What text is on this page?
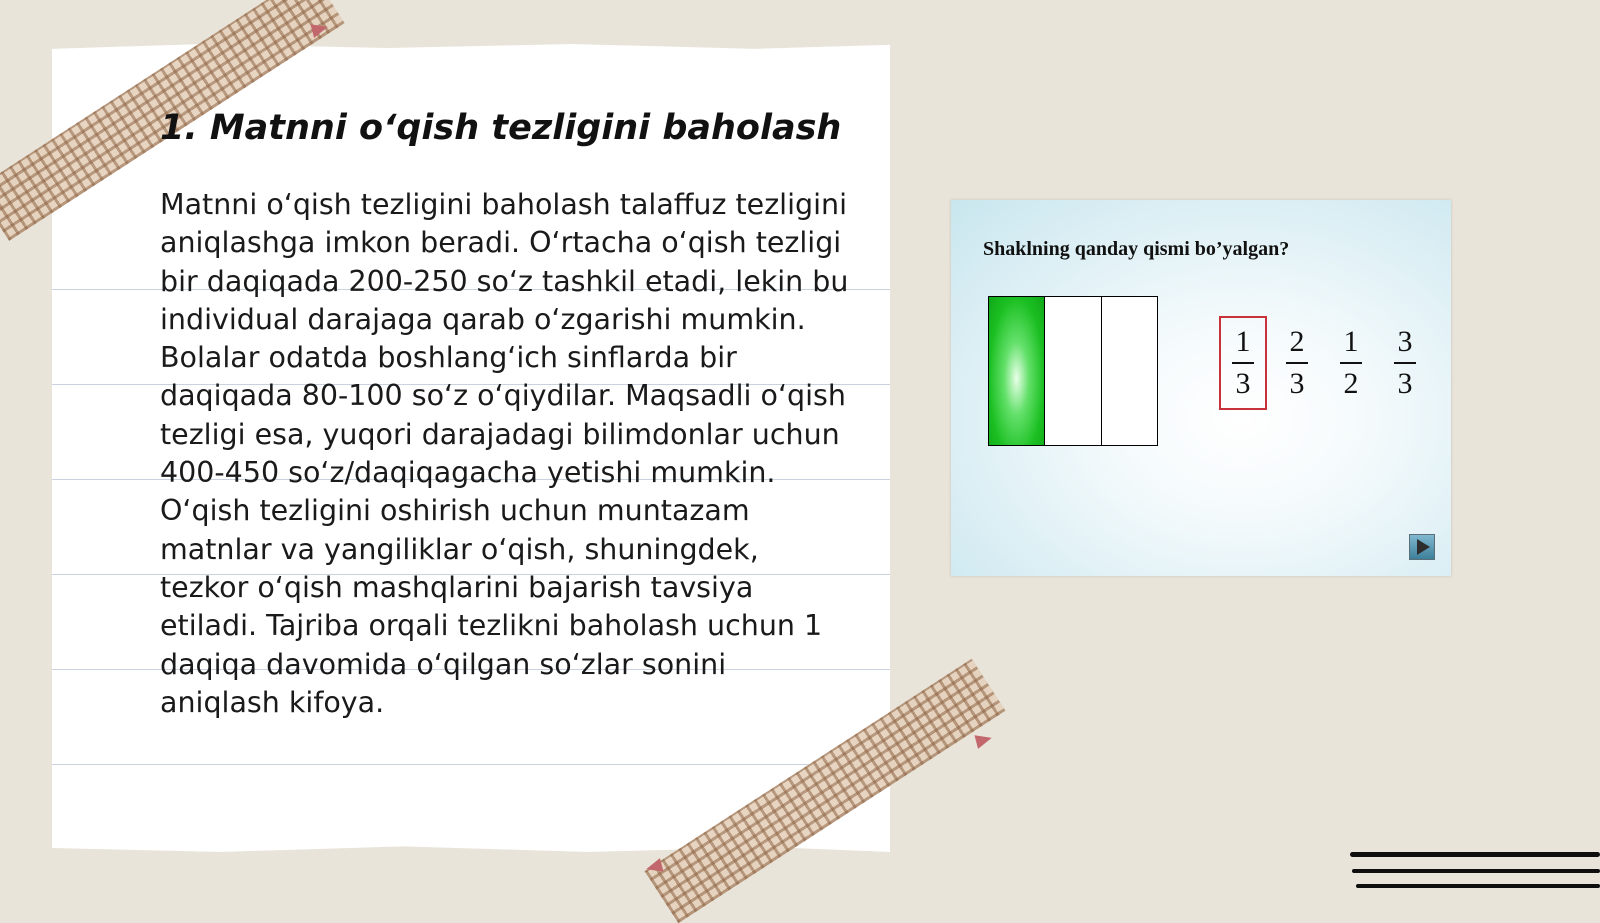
1. Matnni o‘qish tezligini baholash

Matnni o‘qish tezligini baholash talaffuz tezligini aniqlashga imkon beradi. O‘rtacha o‘qish tezligi bir daqiqada 200-250 so‘z tashkil etadi, lekin bu individual darajaga qarab o‘zgarishi mumkin. Bolalar odatda boshlang‘ich sinflarda bir daqiqada 80-100 so‘z o‘qiydilar. Maqsadli o‘qish tezligi esa, yuqori darajadagi bilimdonlar uchun 400-450 so‘z/daqiqagacha yetishi mumkin. O‘qish tezligini oshirish uchun muntazam matnlar va yangiliklar o‘qish, shuningdek, tezkor o‘qish mashqlarini bajarish tavsiya etiladi. Tajriba orqali tezlikni baholash uchun 1 daqiqa davomida o‘qilgan so‘zlar sonini aniqlash kifoya.

Shaklning qanday qismi bo’yalgan?

$\frac{1}{3} \frac{2}{3} \frac{1}{2} \frac{3}{3}$
